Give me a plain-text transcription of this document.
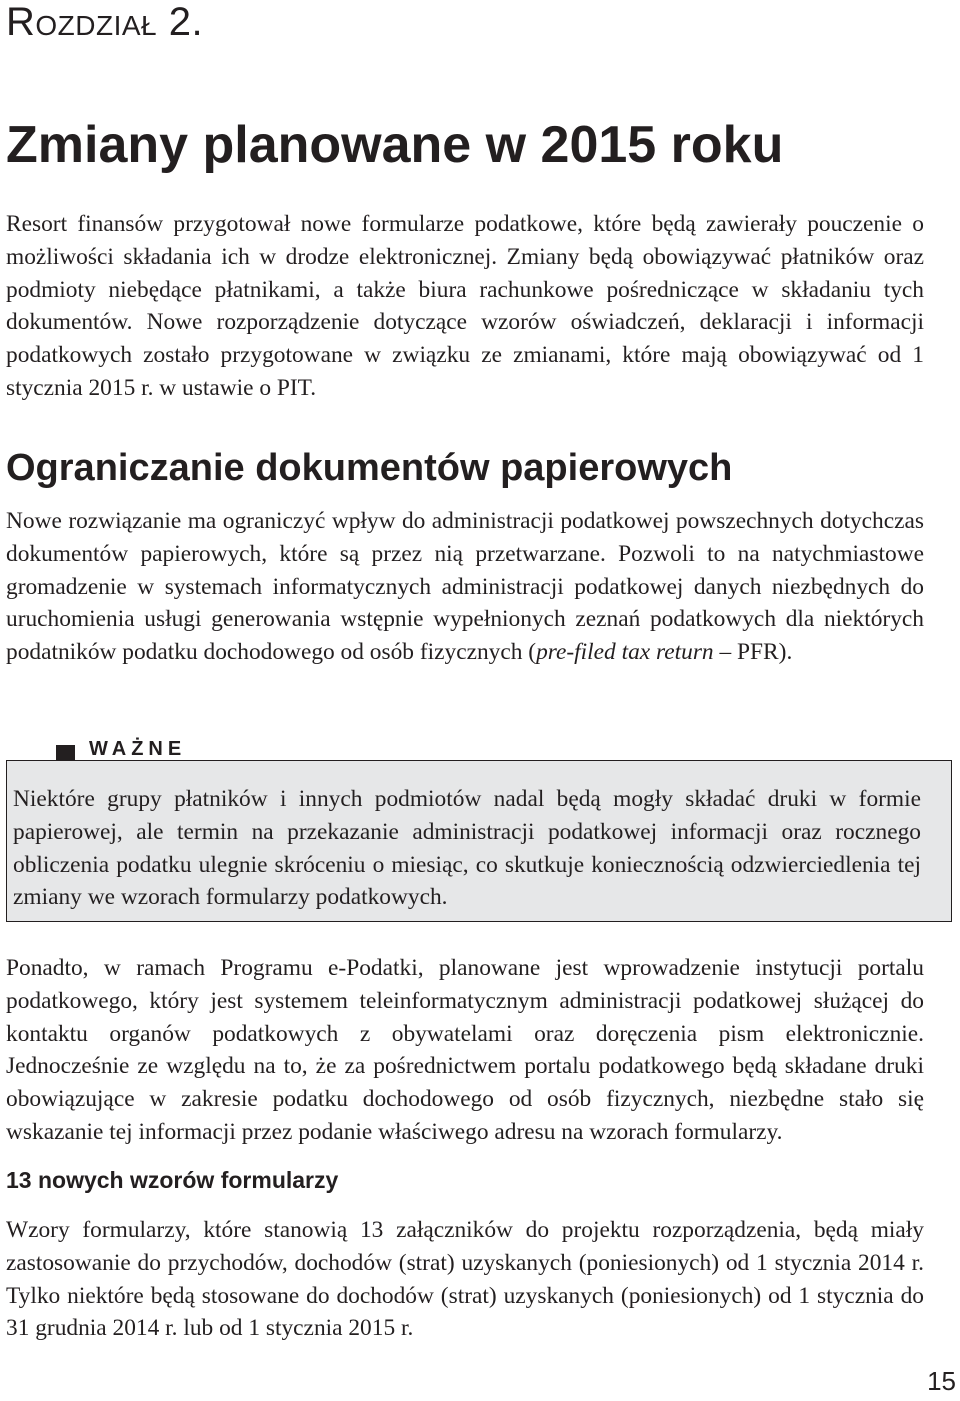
Rozdział 2.
Zmiany planowane w 2015 roku

Resort finansów przygotował nowe formularze podatkowe, które będą zawierały pouczenie o możliwości składania ich w drodze elektronicznej. Zmiany będą obowiązywać płatników oraz podmioty niebędące płatnikami, a także biura rachunkowe pośredniczące w składaniu tych dokumentów. Nowe rozporządzenie dotyczące wzorów oświadczeń, deklaracji i informacji podatkowych zostało przygotowane w związku ze zmianami, które mają obowiązywać od 1 stycznia 2015 r. w ustawie o PIT.

Ograniczanie dokumentów papierowych

Nowe rozwiązanie ma ograniczyć wpływ do administracji podatkowej powszechnych dotychczas dokumentów papierowych, które są przez nią przetwarzane. Pozwoli to na natychmiastowe gromadzenie w systemach informatycznych administracji podatkowej danych niezbędnych do uruchomienia usługi generowania wstępnie wypełnionych zeznań podatkowych dla niektórych podatników podatku dochodowego od osób fizycznych (pre-filed tax return – PFR).

WAŻNE

Niektóre grupy płatników i innych podmiotów nadal będą mogły składać druki w formie papierowej, ale termin na przekazanie administracji podatkowej informacji oraz rocznego obliczenia podatku ulegnie skróceniu o miesiąc, co skutkuje koniecznością odzwierciedlenia tej zmiany we wzorach formularzy podatkowych.

Ponadto, w ramach Programu e-Podatki, planowane jest wprowadzenie instytucji portalu podatkowego, który jest systemem teleinformatycznym administracji podatkowej służącej do kontaktu organów podatkowych z obywatelami oraz doręczenia pism elektronicznie. Jednocześnie ze względu na to, że za pośrednictwem portalu podatkowego będą składane druki obowiązujące w zakresie podatku dochodowego od osób fizycznych, niezbędne stało się wskazanie tej informacji przez podanie właściwego adresu na wzorach formularzy.

13 nowych wzorów formularzy

Wzory formularzy, które stanowią 13 załączników do projektu rozporządzenia, będą miały zastosowanie do przychodów, dochodów (strat) uzyskanych (poniesionych) od 1 stycznia 2014 r. Tylko niektóre będą stosowane do dochodów (strat) uzyskanych (poniesionych) od 1 stycznia do 31 grudnia 2014 r. lub od 1 stycznia 2015 r.

15
